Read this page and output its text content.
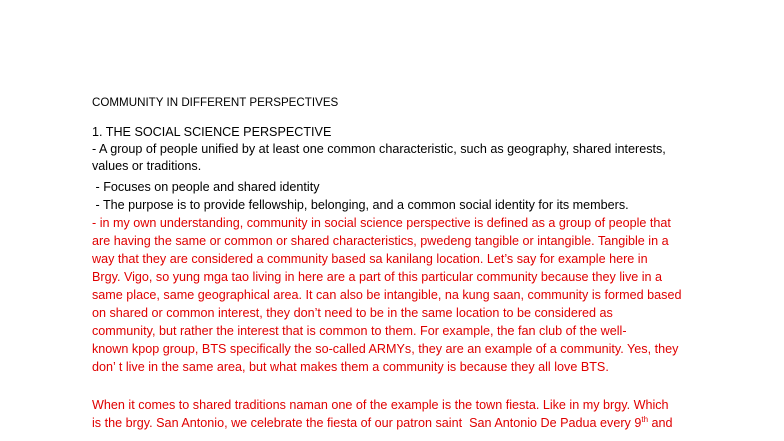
COMMUNITY IN DIFFERENT PERSPECTIVES
1. THE SOCIAL SCIENCE PERSPECTIVE
- A group of people unified by at least one common characteristic, such as geography, shared interests,
values or traditions.
- Focuses on people and shared identity
- The purpose is to provide fellowship, belonging, and a common social identity for its members.
- in my own understanding, community in social science perspective is defined as a group of people that
are having the same or common or shared characteristics, pwedeng tangible or intangible. Tangible in a
way that they are considered a community based sa kanilang location. Let’s say for example here in
Brgy. Vigo, so yung mga tao living in here are a part of this particular community because they live in a
same place, same geographical area. It can also be intangible, na kung saan, community is formed based
on shared or common interest, they don’t need to be in the same location to be considered as
community, but rather the interest that is common to them. For example, the fan club of the well-
known kpop group, BTS specifically the so-called ARMYs, they are an example of a community. Yes, they
don’ t live in the same area, but what makes them a community is because they all love BTS.
When it comes to shared traditions naman one of the example is the town fiesta. Like in my brgy. Which
is the brgy. San Antonio, we celebrate the fiesta of our patron saint  San Antonio De Padua every 9th and
